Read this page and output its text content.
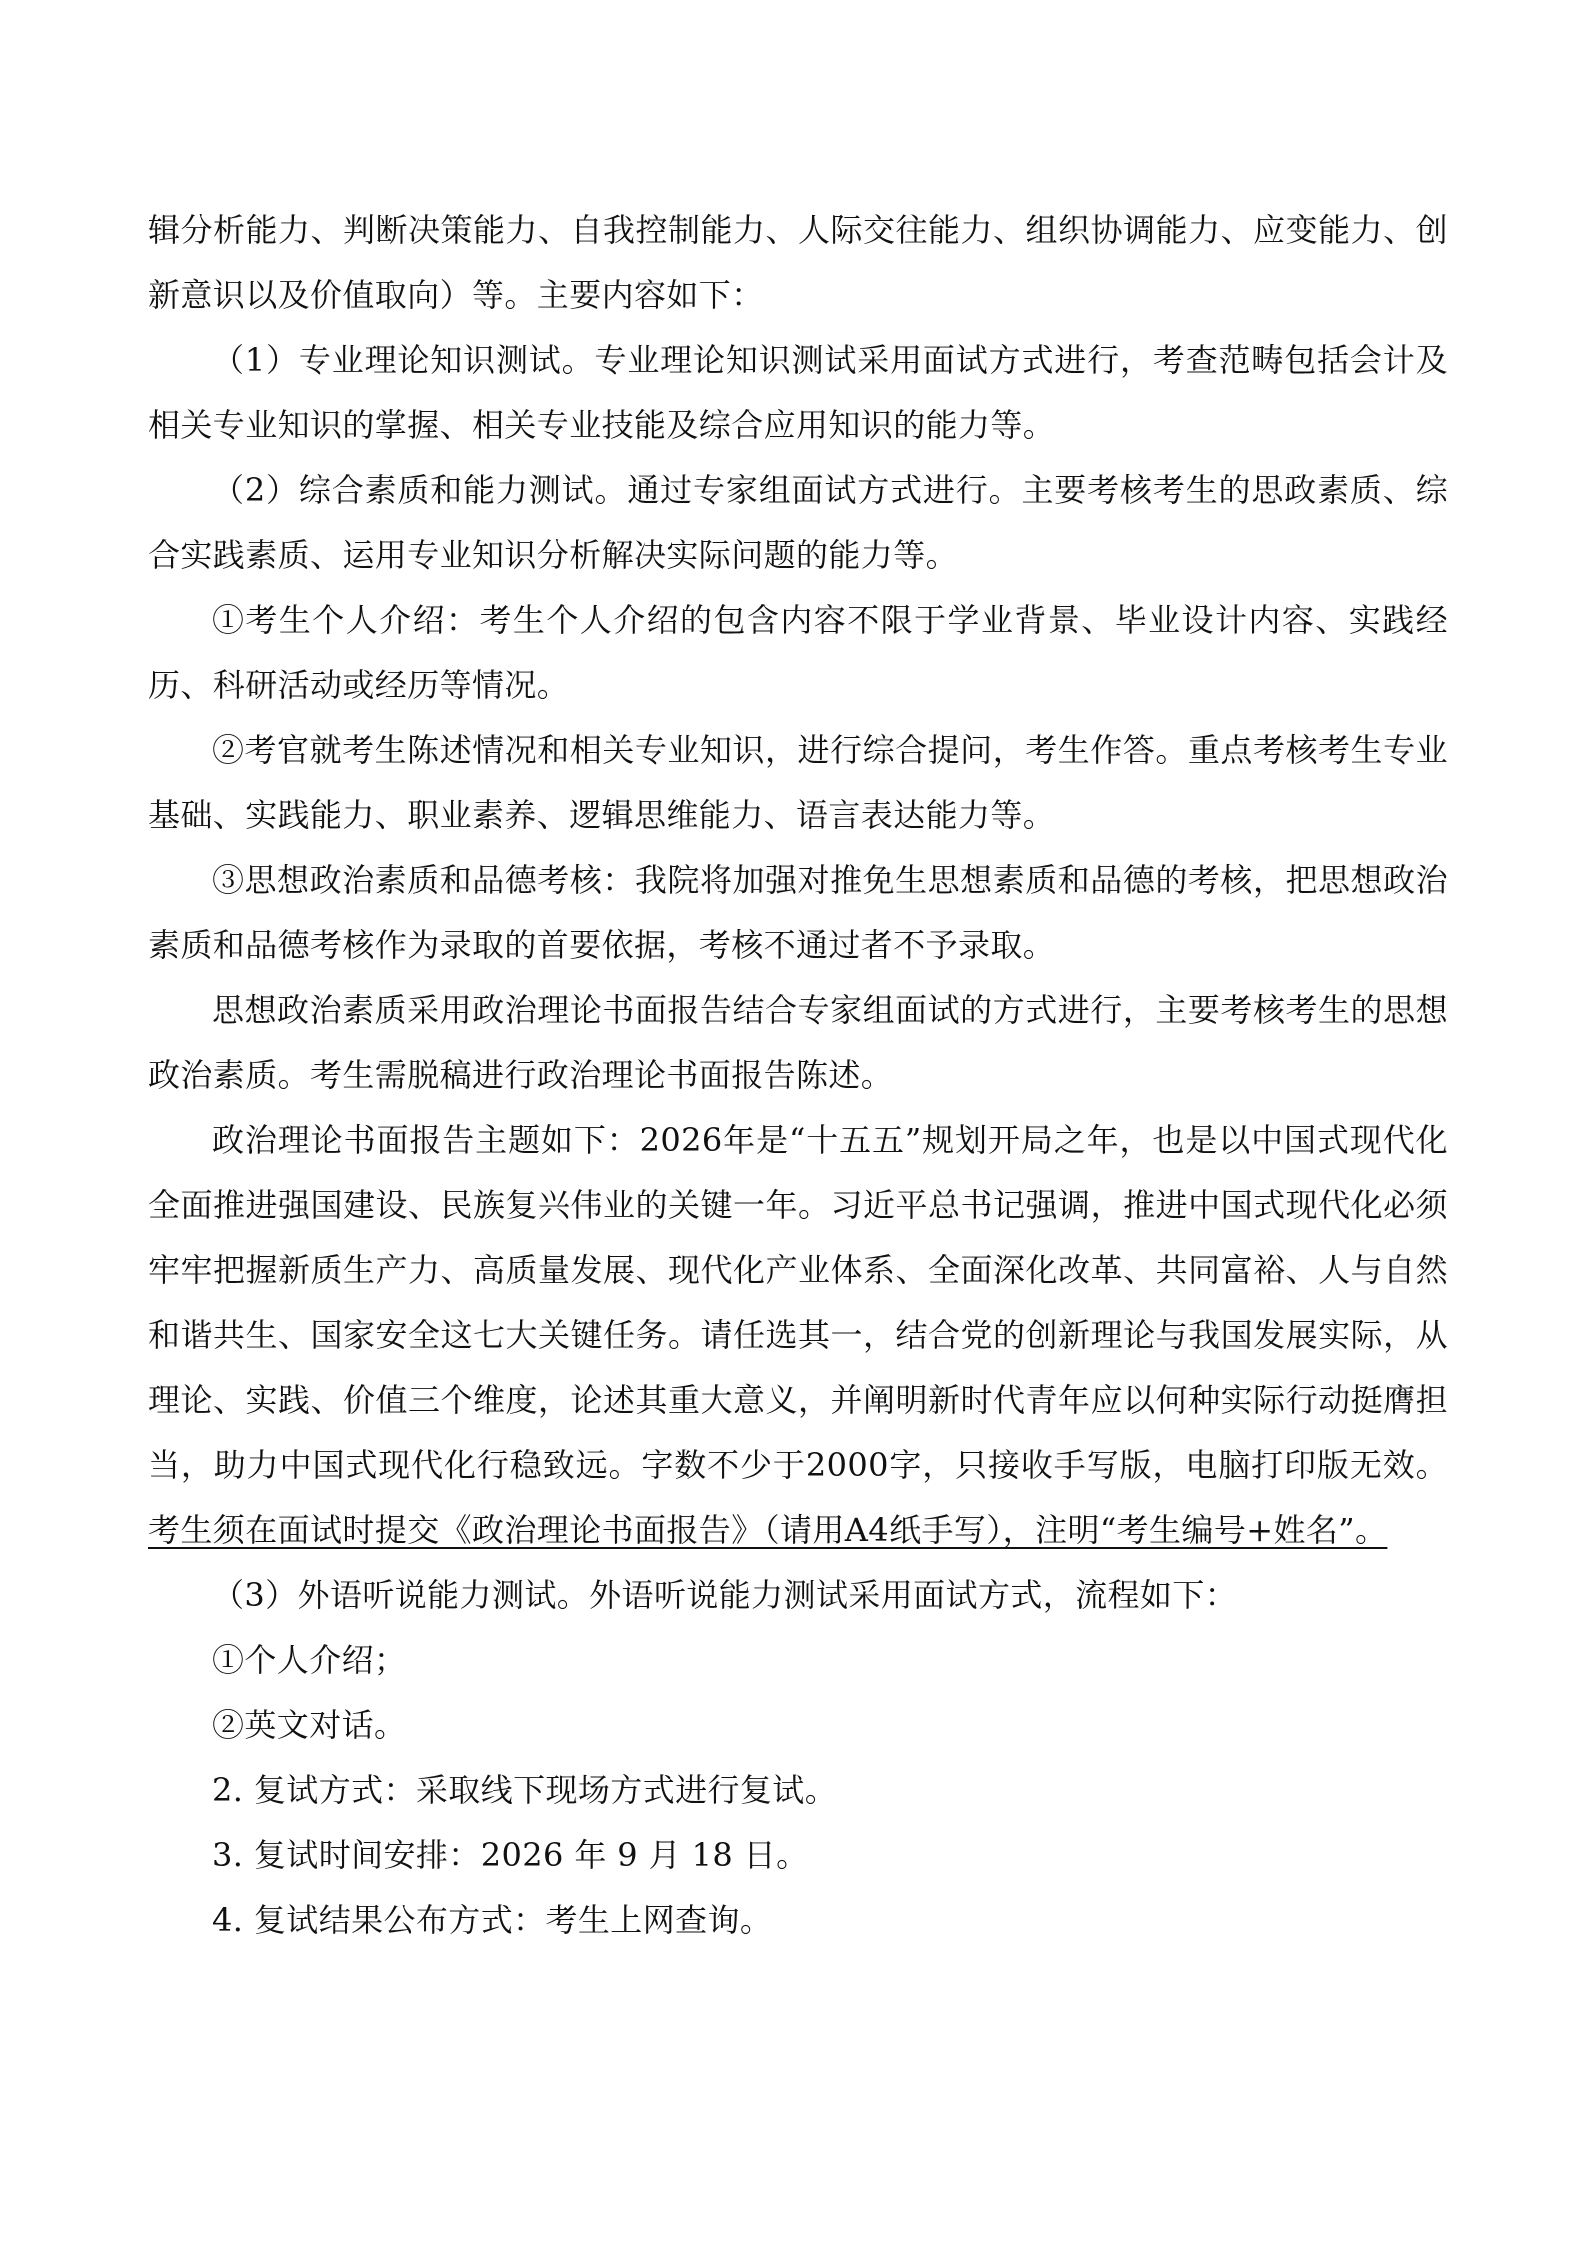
辑分析能力、判断决策能力、自我控制能力、人际交往能力、组织协调能力、应变能力、创新意识以及价值取向）等。主要内容如下：

（1）专业理论知识测试。专业理论知识测试采用面试方式进行，考查范畴包括会计及相关专业知识的掌握、相关专业技能及综合应用知识的能力等。

（2）综合素质和能力测试。通过专家组面试方式进行。主要考核考生的思政素质、综合实践素质、运用专业知识分析解决实际问题的能力等。

①考生个人介绍：考生个人介绍的包含内容不限于学业背景、毕业设计内容、实践经历、科研活动或经历等情况。

②考官就考生陈述情况和相关专业知识，进行综合提问，考生作答。重点考核考生专业基础、实践能力、职业素养、逻辑思维能力、语言表达能力等。

③思想政治素质和品德考核：我院将加强对推免生思想素质和品德的考核，把思想政治素质和品德考核作为录取的首要依据，考核不通过者不予录取。

思想政治素质采用政治理论书面报告结合专家组面试的方式进行，主要考核考生的思想政治素质。考生需脱稿进行政治理论书面报告陈述。

政治理论书面报告主题如下：2026年是“十五五”规划开局之年，也是以中国式现代化全面推进强国建设、民族复兴伟业的关键一年。习近平总书记强调，推进中国式现代化必须牢牢把握新质生产力、高质量发展、现代化产业体系、全面深化改革、共同富裕、人与自然和谐共生、国家安全这七大关键任务。请任选其一，结合党的创新理论与我国发展实际，从理论、实践、价值三个维度，论述其重大意义，并阐明新时代青年应以何种实际行动挺膺担当，助力中国式现代化行稳致远。字数不少于2000字，只接收手写版，电脑打印版无效。考生须在面试时提交《政治理论书面报告》（请用A4纸手写），注明“考生编号+姓名”。

（3）外语听说能力测试。外语听说能力测试采用面试方式，流程如下：

①个人介绍；

②英文对话。

2. 复试方式：采取线下现场方式进行复试。

3. 复试时间安排：2026 年 9 月 18 日。

4. 复试结果公布方式：考生上网查询。
